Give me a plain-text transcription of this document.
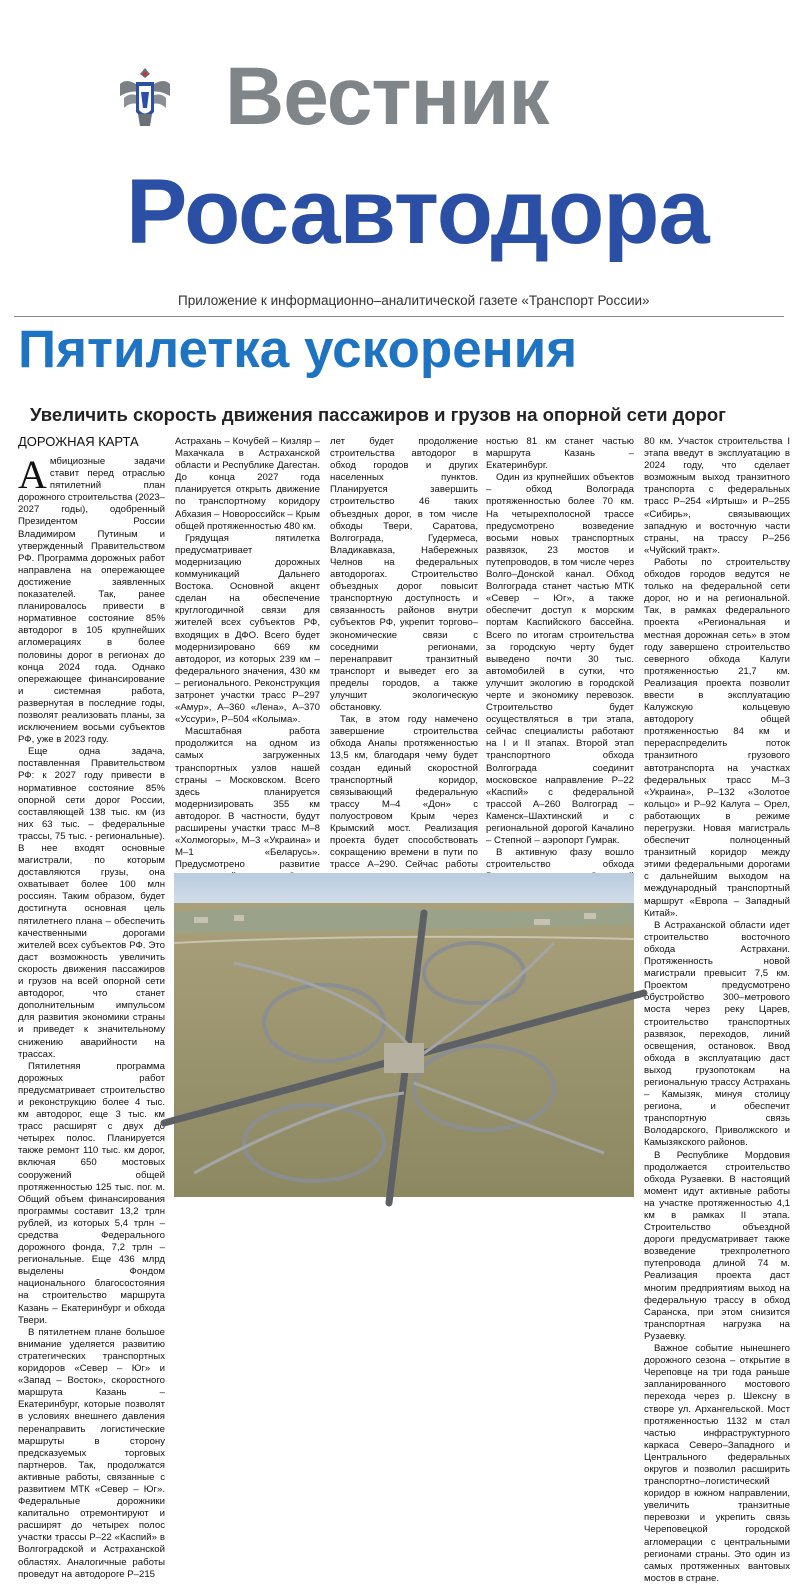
Вестник
Росавтодора
Приложение к информационно–аналитической газете «Транспорт России»
Пятилетка ускорения
Увеличить скорость движения пассажиров и грузов на опорной сети дорог
ДОРОЖНАЯ КАРТА

Амбициозные задачи ставит перед отраслью пятилетний план дорожного строительства (2023–2027 годы), одобренный Президентом России Владимиром Путиным и утвержденный Правительством РФ. Программа дорожных работ направлена на опережающее достижение заявленных показателей. Так, ранее планировалось привести в нормативное состояние 85% автодорог в 105 крупнейших агломерациях в более половины дорог в регионах до конца 2024 года. Однако опережающее финансирование и системная работа, развернутая в последние годы, позволят реализовать планы, за исключением восьми субъектов РФ, уже в 2023 году.

Еще одна задача, поставленная Правительством РФ: к 2027 году привести в нормативное состояние 85% опорной сети дорог России, составляющей 138 тыс. км (из них 63 тыс. – федеральные трассы, 75 тыс. - региональные). В нее входят основные магистрали, по которым доставляются грузы, она охватывает более 100 млн россиян. Таким образом, будет достигнута основная цель пятилетнего плана – обеспечить качественными дорогами жителей всех субъектов РФ. Это даст возможность увеличить скорость движения пассажиров и грузов на всей опорной сети автодорог, что станет дополнительным импульсом для развития экономики страны и приведет к значительному снижению аварийности на трассах.

Пятилетняя программа дорожных работ предусматривает строительство и реконструкцию более 4 тыс. км автодорог, еще 3 тыс. км трасс расширят с двух до четырех полос. Планируется также ремонт 110 тыс. км дорог, включая 650 мостовых сооружений общей протяженностью 125 тыс. пог. м. Общий объем финансирования программы составит 13,2 трлн рублей, из которых 5,4 трлн – средства Федерального дорожного фонда, 7,2 трлн – региональные. Еще 436 млрд выделены Фондом национального благосостояния на строительство маршрута Казань – Екатеринбург и обхода Твери.

В пятилетнем плане большое внимание уделяется развитию стратегических транспортных коридоров «Север – Юг» и «Запад – Восток», скоростного маршрута Казань – Екатеринбург, которые позволят в условиях внешнего давления перенаправить логистические маршруты в сторону предсказуемых торговых партнеров. Так, продолжатся активные работы, связанные с развитием МТК «Север – Юг». Федеральные дорожники капитально отремонтируют и расширят до четырех полос участки трассы Р–22 «Каспий» в Волгоградской и Астраханской областях. Аналогичные работы проведут на автодороге Р–215

Астрахань – Кочубей – Кизляр – Махачкала в Астраханской области и Республике Дагестан. До конца 2027 года планируется открыть движение по транспортному коридору Абхазия – Новороссийск – Крым общей протяженностью 480 км.

Грядущая пятилетка предусматривает модернизацию дорожных коммуникаций Дальнего Востока. Основной акцент сделан на обеспечение круглогодичной связи для жителей всех субъектов РФ, входящих в ДФО. Всего будет модернизировано 669 км автодорог, из которых 239 км – федерального значения, 430 км – регионального. Реконструкция затронет участки трасс Р–297 «Амур», А–360 «Лена», А–370 «Уссури», Р–504 «Колыма».

Масштабная работа продолжится на одном из самых загруженных транспортных узлов нашей страны – Московском. Всего здесь планируется модернизировать 355 км автодорог. В частности, будут расширены участки трасс М–8 «Холмогоры», М–3 «Украина» и М–1 «Беларусь». Предусмотрено развитие

лет будет продолжение строительства автодорог в обход городов и других населенных пунктов. Планируется завершить строительство 46 таких объездных дорог, в том числе обходы Твери, Саратова, Волгограда, Гудермеса, Владикавказа, Набережных Челнов на федеральных автодорогах. Строительство объездных дорог повысит транспортную доступность и связанность районов внутри субъектов РФ, укрепит торгово–экономические связи с соседними регионами, перенаправит транзитный транспорт и выведет его за пределы городов, а также улучшит экологическую обстановку.

Так, в этом году намечено завершение строительства обхода Анапы протяженностью 13,5 км, благодаря чему будет создан единый скоростной транспортный коридор, связывающий федеральную трассу М–4 «Дон» с полуостровом Крым через Крымский мост. Реализация проекта будет способствовать сокращению времени в пути по трассе А–290. Сейчас работы

ностью 81 км станет частью маршрута Казань – Екатеринбург.

Один из крупнейших объектов – обход Волограда протяженностью более 70 км. На четырехполосной трассе предусмотрено возведение восьми новых транспортных развязок, 23 мостов и путепроводов, в том числе через Волго–Донской канал. Обход Волгограда станет частью МТК «Север – Юг», а также обеспечит доступ к морским портам Каспийского бассейна. Всего по итогам строительства за городскую черту будет выведено почти 30 тыс. автомобилей в сутки, что улучшит экологию в городской черте и экономику перевозок. Строительство будет осуществляться в три этапа, сейчас специалисты работают на I и II этапах. Второй этап транспортного обхода Волгограда соединит московское направление Р–22 «Каспий» с федеральной трассой А–260 Волгоград – Каменск–Шахтинский и с региональной дорогой Качалино – Степной – аэропорт Гумрак.

В активную фазу вошло строительство обхода

80 км. Участок строительства I этапа введут в эксплуатацию в 2024 году, что сделает возможным выход транзитного транспорта с федеральных трасс Р–254 «Иртыш» и Р–255 «Сибирь», связывающих западную и восточную части страны, на трассу Р–256 «Чуйский тракт».

Работы по строительству обходов городов ведутся не только на федеральной сети дорог, но и на региональной. Так, в рамках федерального проекта «Региональная и местная дорожная сеть» в этом году завершено строительство северного обхода Калуги протяженностью 21,7 км. Реализация проекта позволит ввести в эксплуатацию Калужскую кольцевую автодорогу общей протяженностью 84 км и перераспределить поток транзитного грузового автотранспорта на участках федеральных трасс М–3 «Украина», Р–132 «Золотое кольцо» и Р–92 Калуга – Орел, работающих в режиме перегрузки. Новая магистраль обеспечит полноценный транзитный коридор между этими федеральными дорогами с дальнейшим выходом на международный транспортный маршрут «Европа – Западный Китай».

В Астраханской области идет строительство восточного обхода Астрахани. Протяженность новой магистрали превысит 7,5 км. Проектом предусмотрено обустройство 300–метрового моста через реку Царев, строительство транспортных развязок, переходов, линий освещения, остановок. Ввод обхода в эксплуатацию даст выход грузопотокам на региональную трассу Астрахань – Камызяк, минуя столицу региона, и обеспечит транспортную связь Володарского, Приволжского и Камызякского районов.

В Республике Мордовия продолжается строительство обхода Рузаевки. В настоящий момент идут активные работы на участке протяженностью 4,1 км в рамках II этапа. Строительство объездной дороги предусматривает также возведение трехпролетного путепровода длиной 74 м. Реализация проекта даст многим предприятиям выход на федеральную трассу в обход Саранска, при этом снизится транспортная нагрузка на Рузаевку.

Важное событие нынешнего дорожного сезона – открытие в Череповце на три года раньше запланированного мостового перехода через р. Шексну в створе ул. Архангельской. Мост протяженностью 1132 м стал частью инфраструктурного каркаса Северо–Западного и Центрального федеральных округов и позволил расширить транспортно–логистический коридор в южном направлении, увеличить транзитные перевозки и укрепить связь Череповецкой городской агломерации с центральными регионами страны. Это один из самых протяженных вантовых мостов в стране.
